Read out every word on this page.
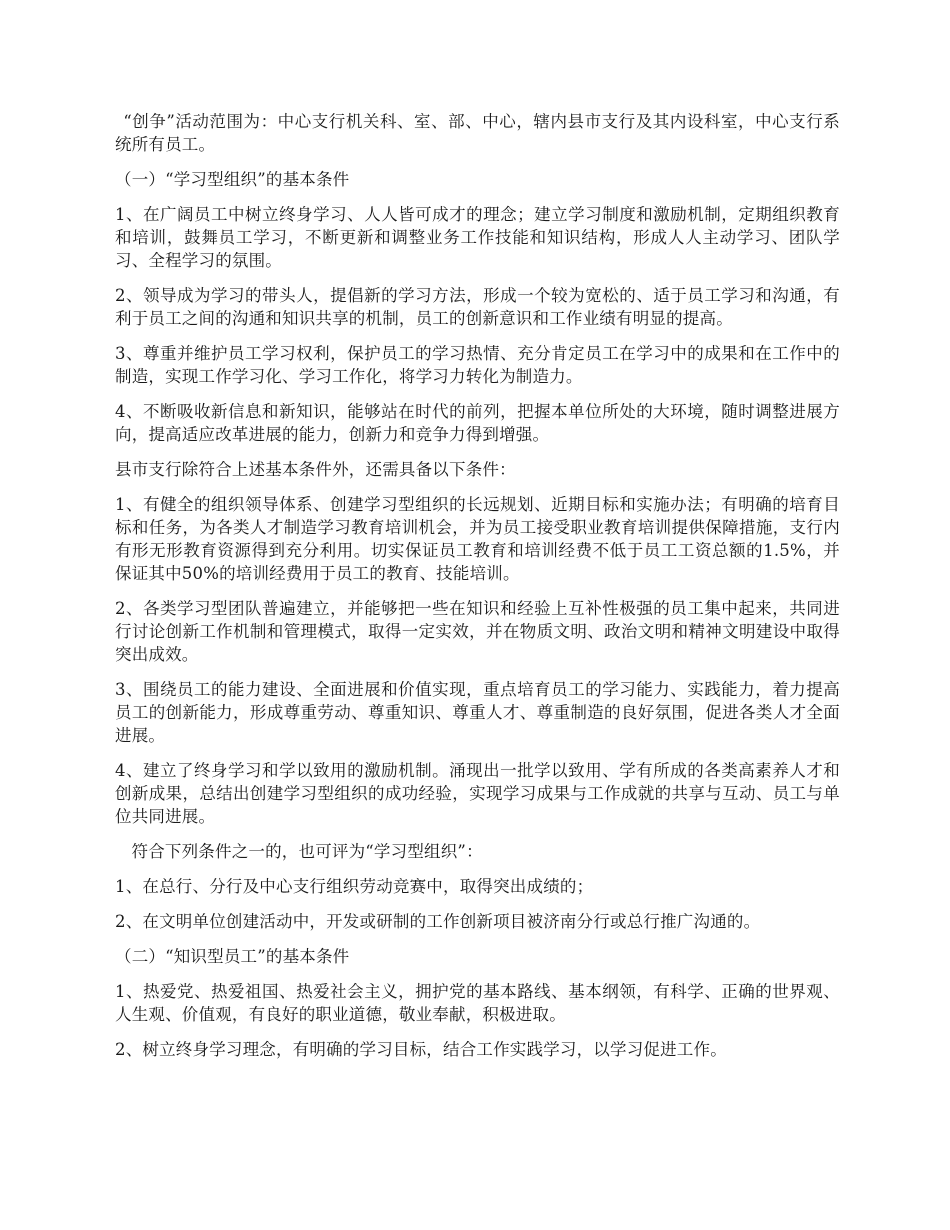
“创争”活动范围为：中心支行机关科、室、部、中心，辖内县市支行及其内设科室，中心支行系统所有员工。

（一）“学习型组织”的基本条件

1、在广阔员工中树立终身学习、人人皆可成才的理念；建立学习制度和激励机制，定期组织教育和培训，鼓舞员工学习，不断更新和调整业务工作技能和知识结构，形成人人主动学习、团队学习、全程学习的氛围。

2、领导成为学习的带头人，提倡新的学习方法，形成一个较为宽松的、适于员工学习和沟通，有利于员工之间的沟通和知识共享的机制，员工的创新意识和工作业绩有明显的提高。

3、尊重并维护员工学习权利，保护员工的学习热情、充分肯定员工在学习中的成果和在工作中的制造，实现工作学习化、学习工作化，将学习力转化为制造力。

4、不断吸收新信息和新知识，能够站在时代的前列，把握本单位所处的大环境，随时调整进展方向，提高适应改革进展的能力，创新力和竞争力得到增强。

县市支行除符合上述基本条件外，还需具备以下条件：

1、有健全的组织领导体系、创建学习型组织的长远规划、近期目标和实施办法；有明确的培育目标和任务，为各类人才制造学习教育培训机会，并为员工接受职业教育培训提供保障措施，支行内有形无形教育资源得到充分利用。切实保证员工教育和培训经费不低于员工工资总额的1.5%，并保证其中50%的培训经费用于员工的教育、技能培训。

2、各类学习型团队普遍建立，并能够把一些在知识和经验上互补性极强的员工集中起来，共同进行讨论创新工作机制和管理模式，取得一定实效，并在物质文明、政治文明和精神文明建设中取得突出成效。

3、围绕员工的能力建设、全面进展和价值实现，重点培育员工的学习能力、实践能力，着力提高员工的创新能力，形成尊重劳动、尊重知识、尊重人才、尊重制造的良好氛围，促进各类人才全面进展。

4、建立了终身学习和学以致用的激励机制。涌现出一批学以致用、学有所成的各类高素养人才和创新成果，总结出创建学习型组织的成功经验，实现学习成果与工作成就的共享与互动、员工与单位共同进展。

符合下列条件之一的，也可评为“学习型组织”：

1、在总行、分行及中心支行组织劳动竞赛中，取得突出成绩的；

2、在文明单位创建活动中，开发或研制的工作创新项目被济南分行或总行推广沟通的。

（二）“知识型员工”的基本条件

1、热爱党、热爱祖国、热爱社会主义，拥护党的基本路线、基本纲领，有科学、正确的世界观、人生观、价值观，有良好的职业道德，敬业奉献，积极进取。

2、树立终身学习理念，有明确的学习目标，结合工作实践学习，以学习促进工作。
